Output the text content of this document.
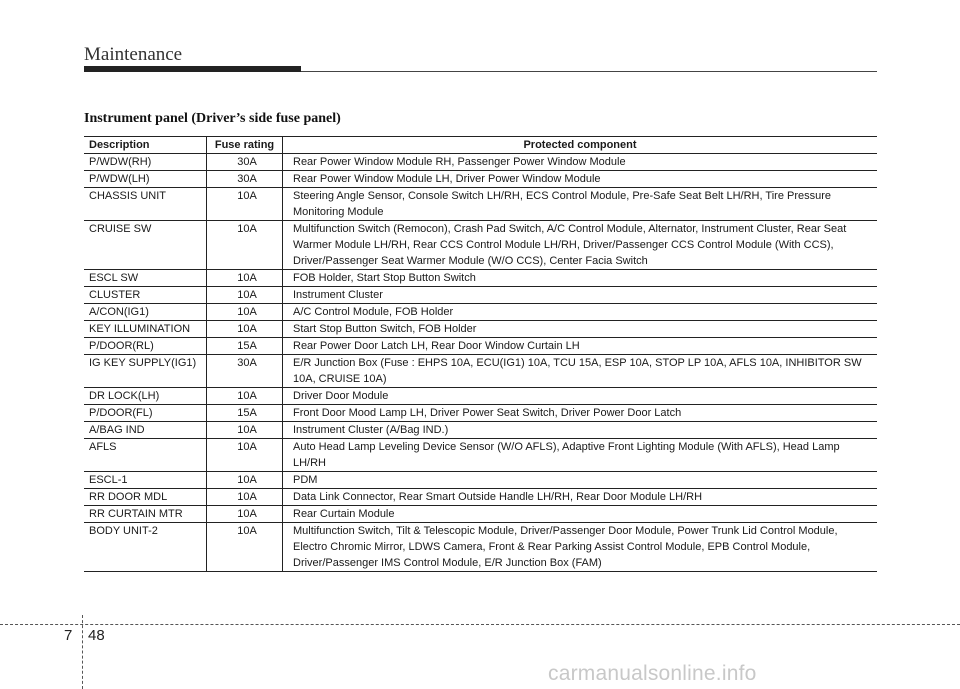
Maintenance
Instrument panel (Driver’s side fuse panel)
Description	Fuse rating	Protected component
P/WDW(RH)	30A	Rear Power Window Module RH, Passenger Power Window Module
P/WDW(LH)	30A	Rear Power Window Module LH, Driver Power Window Module
CHASSIS UNIT	10A	Steering Angle Sensor, Console Switch LH/RH, ECS Control Module, Pre-Safe Seat Belt LH/RH, Tire Pressure Monitoring Module
CRUISE SW	10A	Multifunction Switch (Remocon), Crash Pad Switch, A/C Control Module, Alternator, Instrument Cluster, Rear Seat Warmer Module LH/RH, Rear CCS Control Module LH/RH, Driver/Passenger CCS Control Module (With CCS), Driver/Passenger Seat Warmer Module (W/O CCS), Center Facia Switch
ESCL SW	10A	FOB Holder, Start Stop Button Switch
CLUSTER	10A	Instrument Cluster
A/CON(IG1)	10A	A/C Control Module, FOB Holder
KEY ILLUMINATION	10A	Start Stop Button Switch, FOB Holder
P/DOOR(RL)	15A	Rear Power Door Latch LH, Rear Door Window Curtain LH
IG KEY SUPPLY(IG1)	30A	E/R Junction Box (Fuse : EHPS 10A, ECU(IG1) 10A, TCU 15A, ESP 10A, STOP LP 10A, AFLS 10A, INHIBITOR SW 10A, CRUISE 10A)
DR LOCK(LH)	10A	Driver Door Module
P/DOOR(FL)	15A	Front Door Mood Lamp LH, Driver Power Seat Switch, Driver Power Door Latch
A/BAG IND	10A	Instrument Cluster (A/Bag IND.)
AFLS	10A	Auto Head Lamp Leveling Device Sensor (W/O AFLS), Adaptive Front Lighting Module (With AFLS), Head Lamp LH/RH
ESCL-1	10A	PDM
RR DOOR MDL	10A	Data Link Connector, Rear Smart Outside Handle LH/RH, Rear Door Module LH/RH
RR CURTAIN MTR	10A	Rear Curtain Module
BODY UNIT-2	10A	Multifunction Switch, Tilt & Telescopic Module, Driver/Passenger Door Module, Power Trunk Lid Control Module, Electro Chromic Mirror, LDWS Camera, Front & Rear Parking Assist Control Module, EPB Control Module, Driver/Passenger IMS Control Module, E/R Junction Box (FAM)
7 48
carmanualsonline.info
